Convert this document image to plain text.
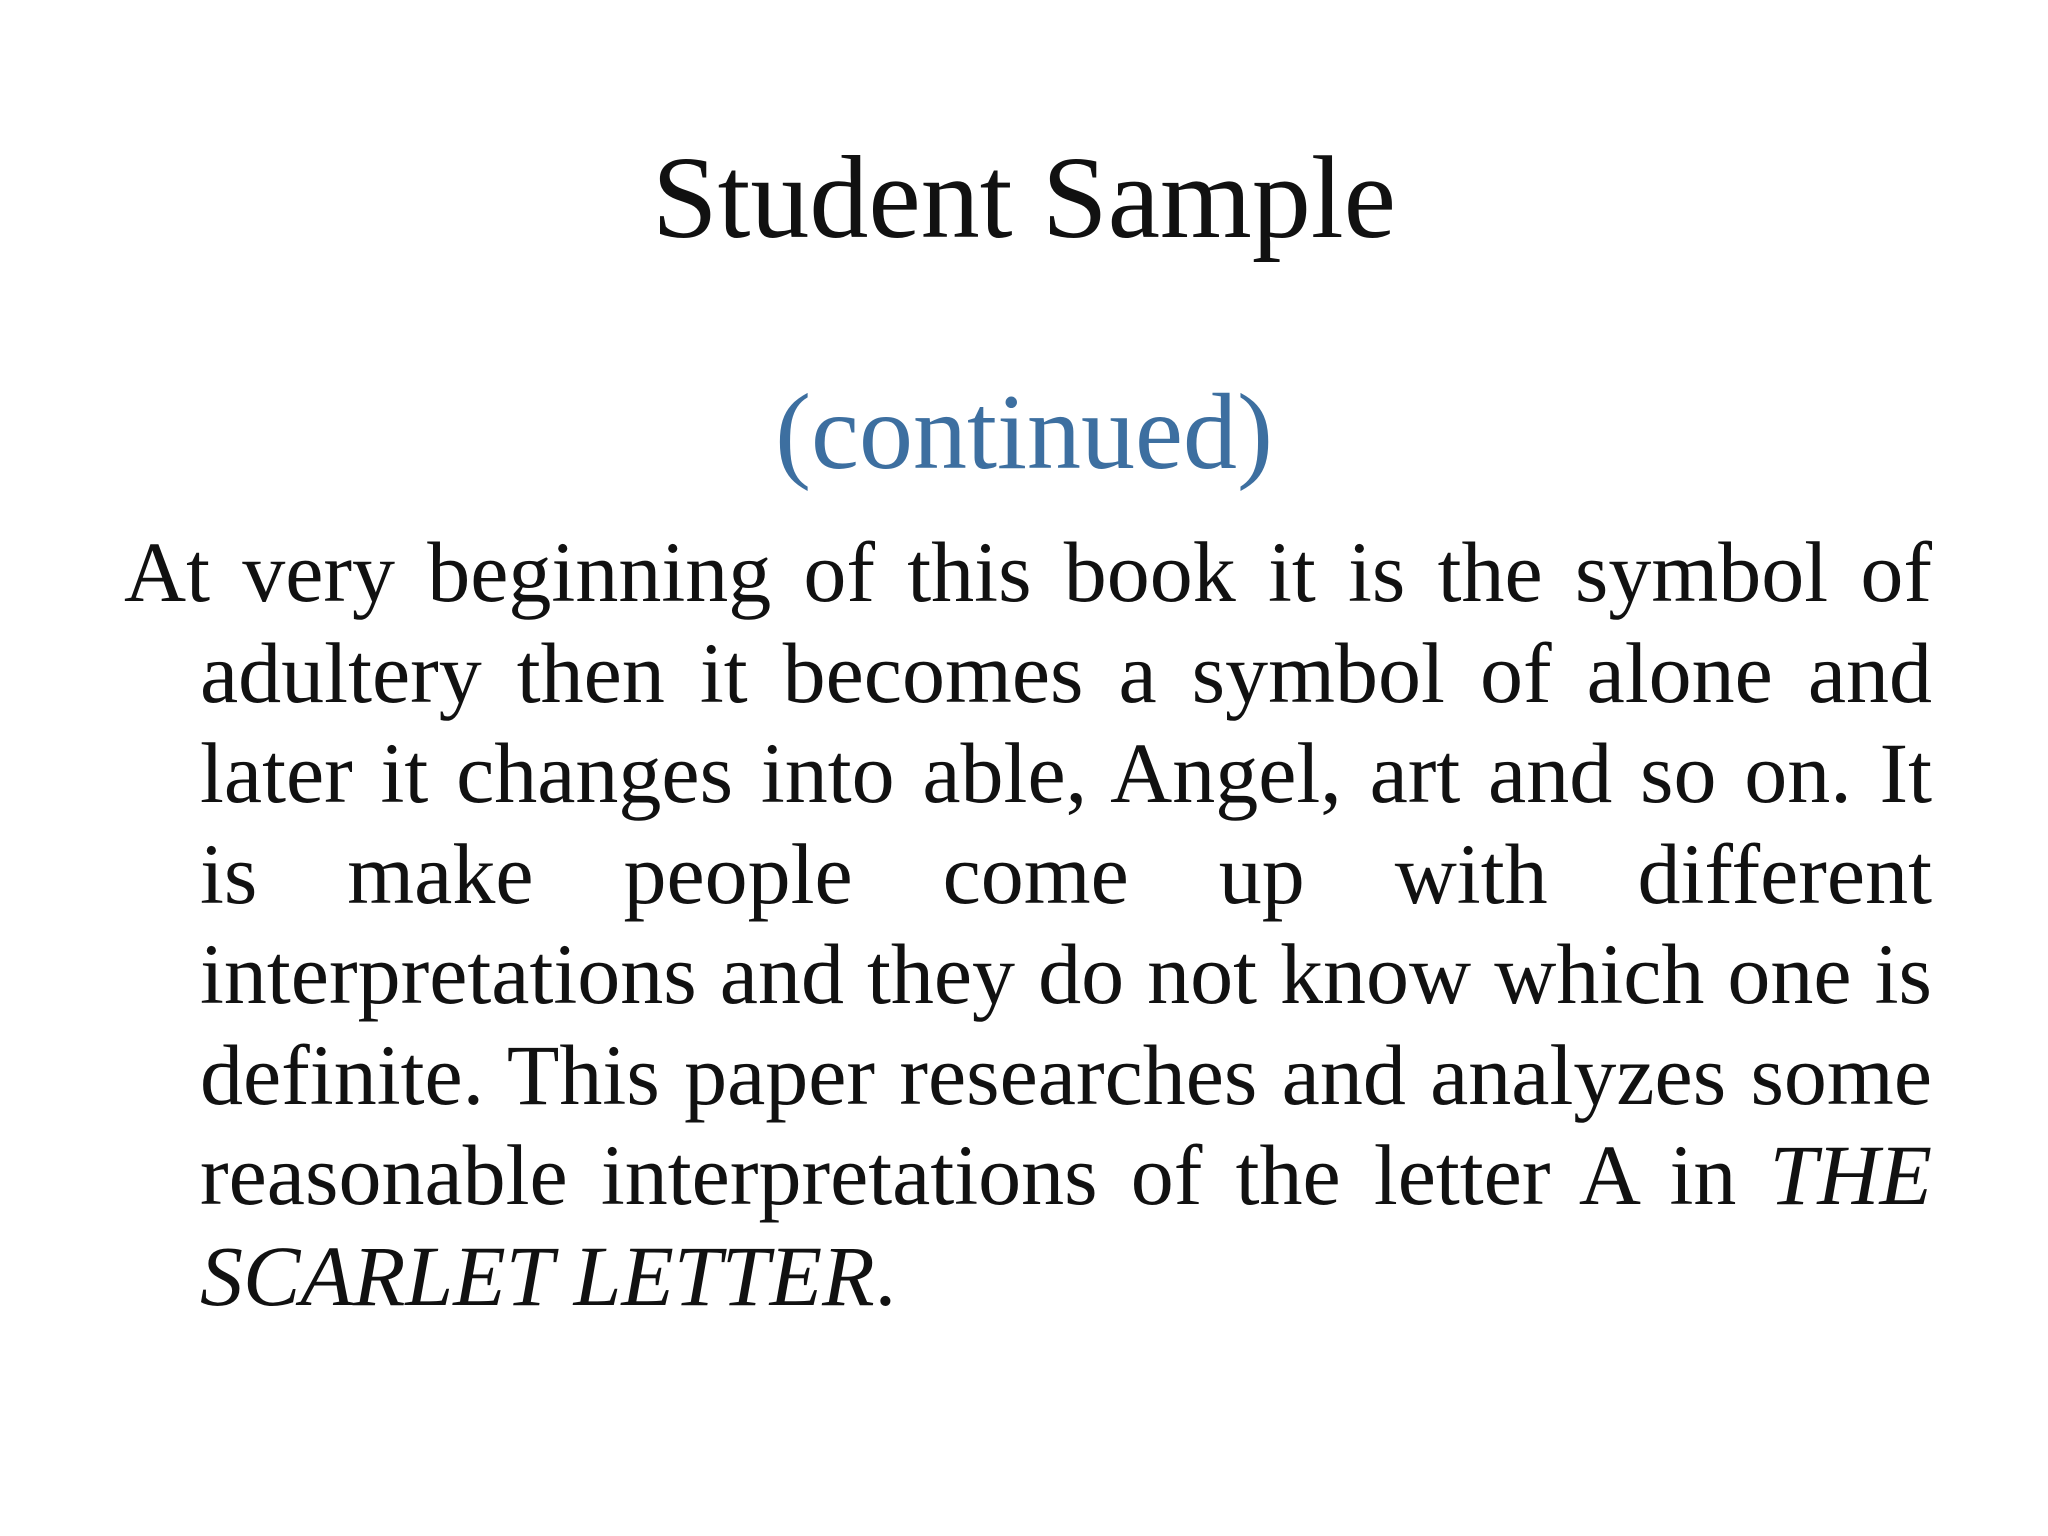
Student Sample
(continued)

At very beginning of this book it is the symbol of adultery then it becomes a symbol of alone and later it changes into able, Angel, art and so on. It is make people come up with different interpretations and they do not know which one is definite. This paper researches and analyzes some reasonable interpretations of the letter A in THE SCARLET LETTER.
